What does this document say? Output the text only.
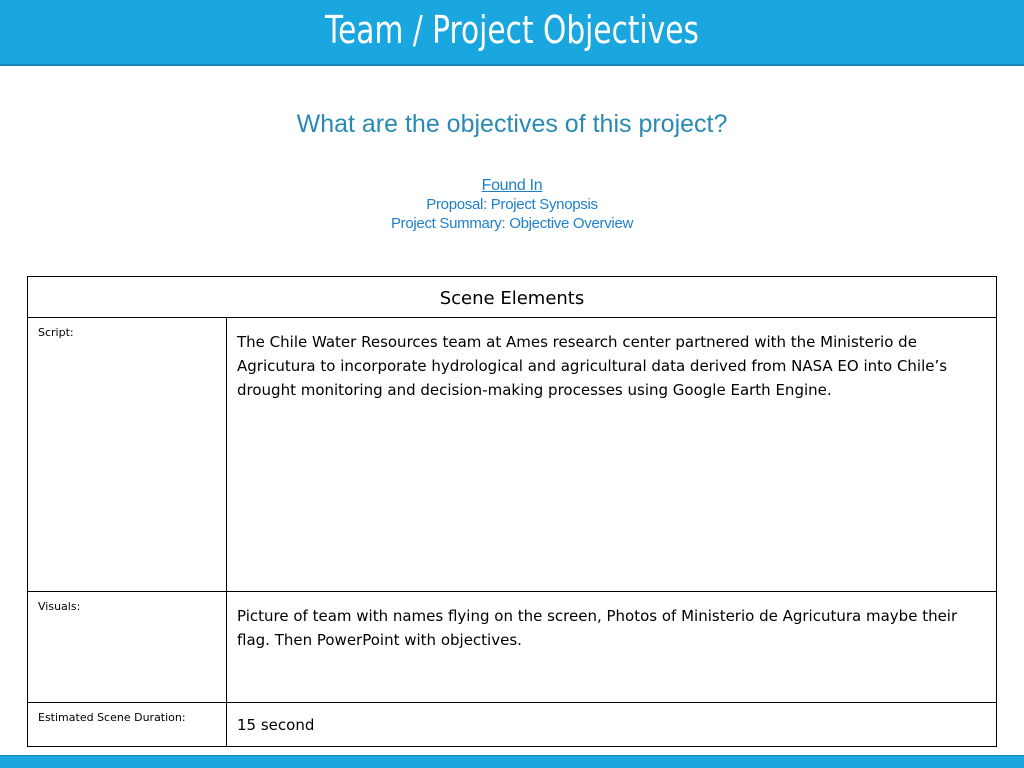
Team / Project Objectives
What are the objectives of this project?
Found In
Proposal: Project Synopsis
Project Summary: Objective Overview
Scene Elements
Script:
The Chile Water Resources team at Ames research center partnered with the Ministerio de Agricutura to incorporate hydrological and agricultural data derived from NASA EO into Chile’s drought monitoring and decision-making processes using Google Earth Engine.
Visuals:
Picture of team with names flying on the screen, Photos of Ministerio de Agricutura maybe their flag. Then PowerPoint with objectives.
Estimated Scene Duration:	15 second
